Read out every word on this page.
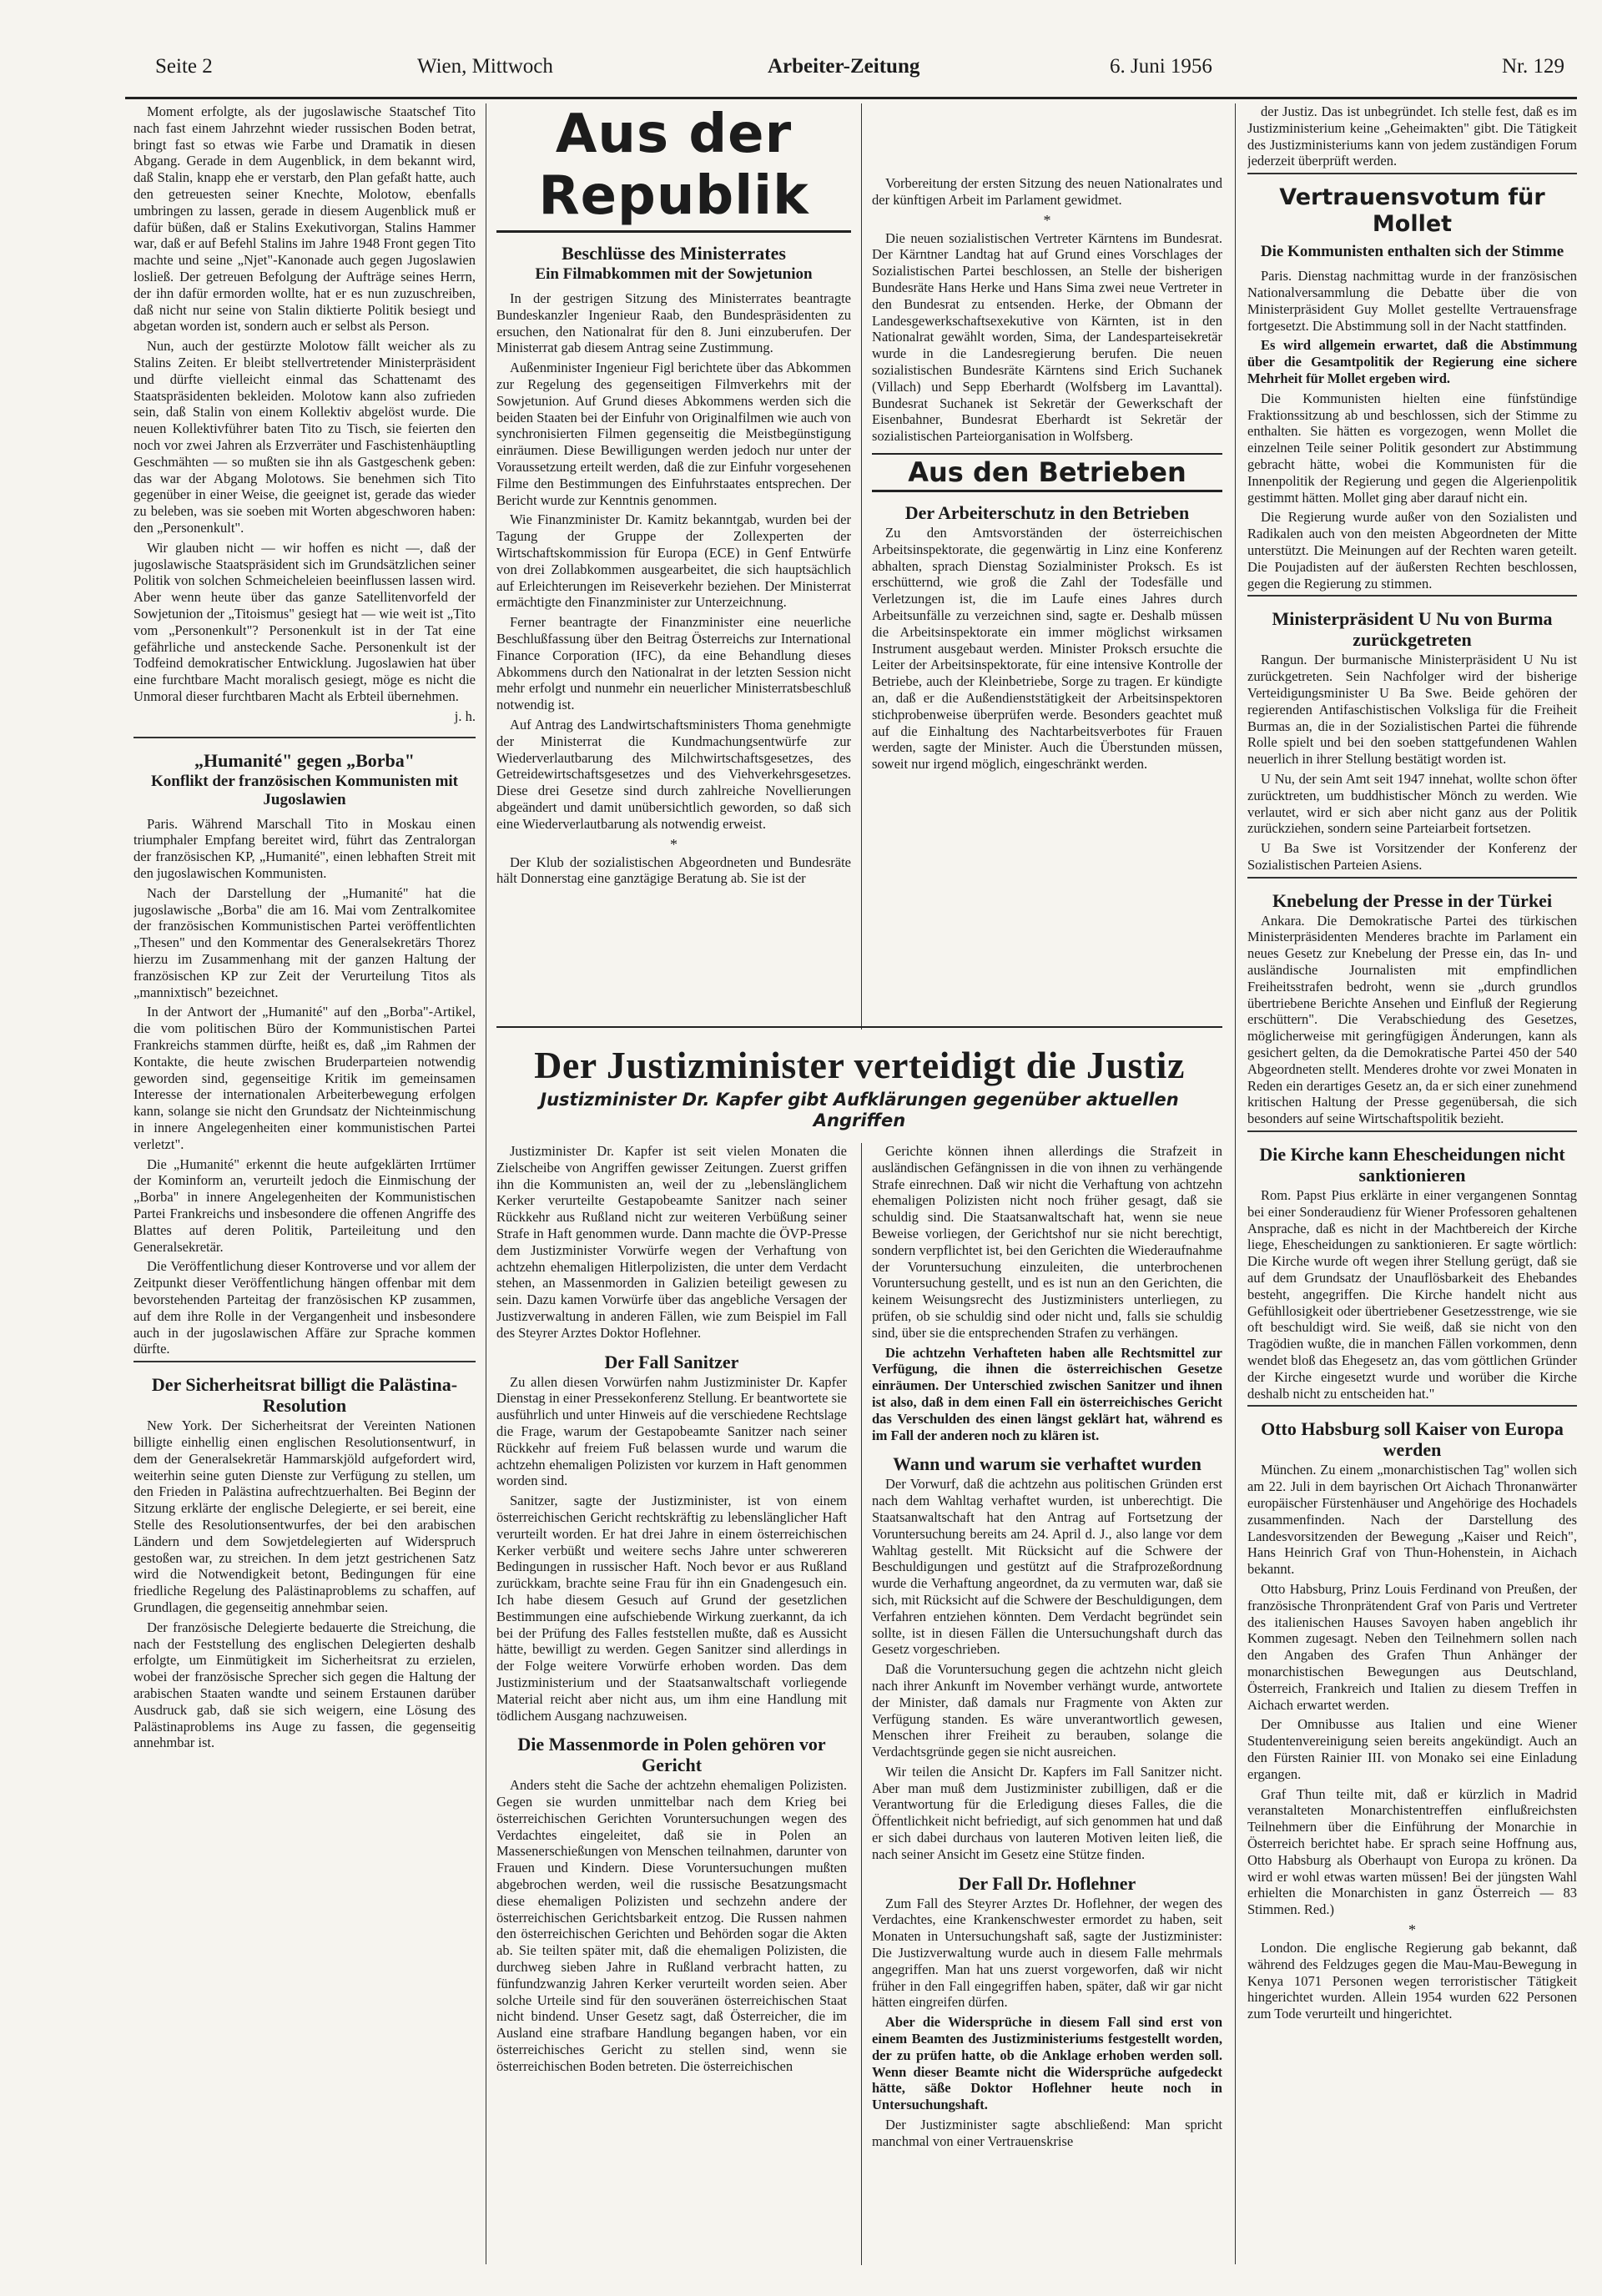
Seite 2	Wien, Mittwoch	Arbeiter-Zeitung	6. Juni 1956	Nr. 129

Moment erfolgte, als der jugoslawische Staatschef Tito nach fast einem Jahrzehnt wieder russischen Boden betrat, bringt fast so etwas wie Farbe und Dramatik in diesen Abgang. Gerade in dem Augenblick, in dem bekannt wird, daß Stalin, knapp ehe er verstarb, den Plan gefaßt hatte, auch den getreuesten seiner Knechte, Molotow, ebenfalls umbringen zu lassen, gerade in diesem Augenblick muß er dafür büßen, daß er Stalins Exekutivorgan, Stalins Hammer war, daß er auf Befehl Stalins im Jahre 1948 Front gegen Tito machte und seine „Njet"-Kanonade auch gegen Jugoslawien losließ. Der getreuen Befolgung der Aufträge seines Herrn, der ihn dafür ermorden wollte, hat er es nun zuzuschreiben, daß nicht nur seine von Stalin diktierte Politik besiegt und abgetan worden ist, sondern auch er selbst als Person.

Nun, auch der gestürzte Molotow fällt weicher als zu Stalins Zeiten. Er bleibt stellvertretender Ministerpräsident und dürfte vielleicht einmal das Schattenamt des Staatspräsidenten bekleiden. Molotow kann also zufrieden sein, daß Stalin von einem Kollektiv abgelöst wurde. Die neuen Kollektivführer baten Tito zu Tisch, sie feierten den noch vor zwei Jahren als Erzverräter und Faschistenhäuptling Geschmähten — so mußten sie ihn als Gastgeschenk geben: das war der Abgang Molotows. Sie benehmen sich Tito gegenüber in einer Weise, die geeignet ist, gerade das wieder zu beleben, was sie soeben mit Worten abgeschworen haben: den „Personenkult".

Wir glauben nicht — wir hoffen es nicht —, daß der jugoslawische Staatspräsident sich im Grundsätzlichen seiner Politik von solchen Schmeicheleien beeinflussen lassen wird. Aber wenn heute über das ganze Satellitenvorfeld der Sowjetunion der „Titoismus" gesiegt hat — wie weit ist „Tito vom „Personenkult"? Personenkult ist in der Tat eine gefährliche und ansteckende Sache. Personenkult ist der Todfeind demokratischer Entwicklung. Jugoslawien hat über eine furchtbare Macht moralisch gesiegt, möge es nicht die Unmoral dieser furchtbaren Macht als Erbteil übernehmen.

j. h.
„Humanité" gegen „Borba"
Konflikt der französischen Kommunisten mit Jugoslawien

Paris. Während Marschall Tito in Moskau einen triumphaler Empfang bereitet wird, führt das Zentralorgan der französischen KP, „Humanité", einen lebhaften Streit mit den jugoslawischen Kommunisten.

Nach der Darstellung der „Humanité" hat die jugoslawische „Borba" die am 16. Mai vom Zentralkomitee der französischen Kommunistischen Partei veröffentlichten „Thesen" und den Kommentar des Generalsekretärs Thorez hierzu im Zusammenhang mit der ganzen Haltung der französischen KP zur Zeit der Verurteilung Titos als „mannixtisch" bezeichnet.

In der Antwort der „Humanité" auf den „Borba"-Artikel, die vom politischen Büro der Kommunistischen Partei Frankreichs stammen dürfte, heißt es, daß „im Rahmen der Kontakte, die heute zwischen Bruderparteien notwendig geworden sind, gegenseitige Kritik im gemeinsamen Interesse der internationalen Arbeiterbewegung erfolgen kann, solange sie nicht den Grundsatz der Nichteinmischung in innere Angelegenheiten einer kommunistischen Partei verletzt".

Die „Humanité" erkennt die heute aufgeklärten Irrtümer der Kominform an, verurteilt jedoch die Einmischung der „Borba" in innere Angelegenheiten der Kommunistischen Partei Frankreichs und insbesondere die offenen Angriffe des Blattes auf deren Politik, Parteileitung und den Generalsekretär.

Die Veröffentlichung dieser Kontroverse und vor allem der Zeitpunkt dieser Veröffentlichung hängen offenbar mit dem bevorstehenden Parteitag der französischen KP zusammen, auf dem ihre Rolle in der Vergangenheit und insbesondere auch in der jugoslawischen Affäre zur Sprache kommen dürfte.

Der Sicherheitsrat billigt die Palästina-Resolution

New York. Der Sicherheitsrat der Vereinten Nationen billigte einhellig einen englischen Resolutionsentwurf, in dem der Generalsekretär Hammarskjöld aufgefordert wird, weiterhin seine guten Dienste zur Verfügung zu stellen, um den Frieden in Palästina aufrechtzuerhalten. Bei Beginn der Sitzung erklärte der englische Delegierte, er sei bereit, eine Stelle des Resolutionsentwurfes, der bei den arabischen Ländern und dem Sowjetdelegierten auf Widerspruch gestoßen war, zu streichen. In dem jetzt gestrichenen Satz wird die Notwendigkeit betont, Bedingungen für eine friedliche Regelung des Palästinaproblems zu schaffen, auf Grundlagen, die gegenseitig annehmbar seien.

Der französische Delegierte bedauerte die Streichung, die nach der Feststellung des englischen Delegierten deshalb erfolgte, um Einmütigkeit im Sicherheitsrat zu erzielen, wobei der französische Sprecher sich gegen die Haltung der arabischen Staaten wandte und seinem Erstaunen darüber Ausdruck gab, daß sie sich weigern, eine Lösung des Palästinaproblems ins Auge zu fassen, die gegenseitig annehmbar ist.

Aus der Republik
Beschlüsse des Ministerrates
Ein Filmabkommen mit der Sowjetunion

In der gestrigen Sitzung des Ministerrates beantragte Bundeskanzler Ingenieur Raab, den Bundespräsidenten zu ersuchen, den Nationalrat für den 8. Juni einzuberufen. Der Ministerrat gab diesem Antrag seine Zustimmung.

Außenminister Ingenieur Figl berichtete über das Abkommen zur Regelung des gegenseitigen Filmverkehrs mit der Sowjetunion. Auf Grund dieses Abkommens werden sich die beiden Staaten bei der Einfuhr von Originalfilmen wie auch von synchronisierten Filmen gegenseitig die Meistbegünstigung einräumen. Diese Bewilligungen werden jedoch nur unter der Voraussetzung erteilt werden, daß die zur Einfuhr vorgesehenen Filme den Bestimmungen des Einfuhrstaates entsprechen. Der Bericht wurde zur Kenntnis genommen.

Wie Finanzminister Dr. Kamitz bekanntgab, wurden bei der Tagung der Gruppe der Zollexperten der Wirtschaftskommission für Europa (ECE) in Genf Entwürfe von drei Zollabkommen ausgearbeitet, die sich hauptsächlich auf Erleichterungen im Reiseverkehr beziehen. Der Ministerrat ermächtigte den Finanzminister zur Unterzeichnung.

Ferner beantragte der Finanzminister eine neuerliche Beschlußfassung über den Beitrag Österreichs zur International Finance Corporation (IFC), da eine Behandlung dieses Abkommens durch den Nationalrat in der letzten Session nicht mehr erfolgt und nunmehr ein neuerlicher Ministerratsbeschluß notwendig ist.

Auf Antrag des Landwirtschaftsministers Thoma genehmigte der Ministerrat die Kundmachungsentwürfe zur Wiederverlautbarung des Milchwirtschaftsgesetzes, des Getreidewirtschaftsgesetzes und des Viehverkehrsgesetzes. Diese drei Gesetze sind durch zahlreiche Novellierungen abgeändert und damit unübersichtlich geworden, so daß sich eine Wiederverlautbarung als notwendig erweist.

*

Der Klub der sozialistischen Abgeordneten und Bundesräte hält Donnerstag eine ganztägige Beratung ab. Sie ist der

Vorbereitung der ersten Sitzung des neuen Nationalrates und der künftigen Arbeit im Parlament gewidmet.

*

Die neuen sozialistischen Vertreter Kärntens im Bundesrat. Der Kärntner Landtag hat auf Grund eines Vorschlages der Sozialistischen Partei beschlossen, an Stelle der bisherigen Bundesräte Hans Herke und Hans Sima zwei neue Vertreter in den Bundesrat zu entsenden. Herke, der Obmann der Landesgewerkschaftsexekutive von Kärnten, ist in den Nationalrat gewählt worden, Sima, der Landesparteisekretär wurde in die Landesregierung berufen. Die neuen sozialistischen Bundesräte Kärntens sind Erich Suchanek (Villach) und Sepp Eberhardt (Wolfsberg im Lavanttal). Bundesrat Suchanek ist Sekretär der Gewerkschaft der Eisenbahner, Bundesrat Eberhardt ist Sekretär der sozialistischen Parteiorganisation in Wolfsberg.

Aus den Betrieben
Der Arbeiterschutz in den Betrieben

Zu den Amtsvorständen der österreichischen Arbeitsinspektorate, die gegenwärtig in Linz eine Konferenz abhalten, sprach Dienstag Sozialminister Proksch. Es ist erschütternd, wie groß die Zahl der Todesfälle und Verletzungen ist, die im Laufe eines Jahres durch Arbeitsunfälle zu verzeichnen sind, sagte er. Deshalb müssen die Arbeitsinspektorate ein immer möglichst wirksamen Instrument ausgebaut werden. Minister Proksch ersuchte die Leiter der Arbeitsinspektorate, für eine intensive Kontrolle der Betriebe, auch der Kleinbetriebe, Sorge zu tragen. Er kündigte an, daß er die Außendienststätigkeit der Arbeitsinspektoren stichprobenweise überprüfen werde. Besonders geachtet muß auf die Einhaltung des Nachtarbeitsverbotes für Frauen werden, sagte der Minister. Auch die Überstunden müssen, soweit nur irgend möglich, eingeschränkt werden.

Der Justizminister verteidigt die Justiz
Justizminister Dr. Kapfer gibt Aufklärungen gegenüber aktuellen Angriffen

Justizminister Dr. Kapfer ist seit vielen Monaten die Zielscheibe von Angriffen gewisser Zeitungen. Zuerst griffen ihn die Kommunisten an, weil der zu „lebenslänglichem Kerker verurteilte Gestapobeamte Sanitzer nach seiner Rückkehr aus Rußland nicht zur weiteren Verbüßung seiner Strafe in Haft genommen wurde. Dann machte die ÖVP-Presse dem Justizminister Vorwürfe wegen der Verhaftung von achtzehn ehemaligen Hitlerpolizisten, die unter dem Verdacht stehen, an Massenmorden in Galizien beteiligt gewesen zu sein. Dazu kamen Vorwürfe über das angebliche Versagen der Justizverwaltung in anderen Fällen, wie zum Beispiel im Fall des Steyrer Arztes Doktor Hoflehner.

Der Fall Sanitzer

Zu allen diesen Vorwürfen nahm Justizminister Dr. Kapfer Dienstag in einer Pressekonferenz Stellung. Er beantwortete sie ausführlich und unter Hinweis auf die verschiedene Rechtslage die Frage, warum der Gestapobeamte Sanitzer nach seiner Rückkehr auf freiem Fuß belassen wurde und warum die achtzehn ehemaligen Polizisten vor kurzem in Haft genommen worden sind.

Sanitzer, sagte der Justizminister, ist von einem österreichischen Gericht rechtskräftig zu lebenslänglicher Haft verurteilt worden. Er hat drei Jahre in einem österreichischen Kerker verbüßt und weitere sechs Jahre unter schwereren Bedingungen in russischer Haft. Noch bevor er aus Rußland zurückkam, brachte seine Frau für ihn ein Gnadengesuch ein. Ich habe diesem Gesuch auf Grund der gesetzlichen Bestimmungen eine aufschiebende Wirkung zuerkannt, da ich bei der Prüfung des Falles feststellen mußte, daß es Aussicht hätte, bewilligt zu werden. Gegen Sanitzer sind allerdings in der Folge weitere Vorwürfe erhoben worden. Das dem Justizministerium und der Staatsanwaltschaft vorliegende Material reicht aber nicht aus, um ihm eine Handlung mit tödlichem Ausgang nachzuweisen.

Die Massenmorde in Polen gehören vor Gericht

Anders steht die Sache der achtzehn ehemaligen Polizisten. Gegen sie wurden unmittelbar nach dem Krieg bei österreichischen Gerichten Voruntersuchungen wegen des Verdachtes eingeleitet, daß sie in Polen an Massenerschießungen von Menschen teilnahmen, darunter von Frauen und Kindern. Diese Voruntersuchungen mußten abgebrochen werden, weil die russische Besatzungsmacht diese ehemaligen Polizisten und sechzehn andere der österreichischen Gerichtsbarkeit entzog. Die Russen nahmen den österreichischen Gerichten und Behörden sogar die Akten ab. Sie teilten später mit, daß die ehemaligen Polizisten, die durchweg sieben Jahre in Rußland verbracht hatten, zu fünfundzwanzig Jahren Kerker verurteilt worden seien. Aber solche Urteile sind für den souveränen österreichischen Staat nicht bindend. Unser Gesetz sagt, daß Österreicher, die im Ausland eine strafbare Handlung begangen haben, vor ein österreichisches Gericht zu stellen sind, wenn sie österreichischen Boden betreten. Die österreichischen

Gerichte können ihnen allerdings die Strafzeit in ausländischen Gefängnissen in die von ihnen zu verhängende Strafe einrechnen. Daß wir nicht die Verhaftung von achtzehn ehemaligen Polizisten nicht noch früher gesagt, daß sie schuldig sind. Die Staatsanwaltschaft hat, wenn sie neue Beweise vorliegen, der Gerichtshof nur sie nicht berechtigt, sondern verpflichtet ist, bei den Gerichten die Wiederaufnahme der Voruntersuchung einzuleiten, die unterbrochenen Voruntersuchung gestellt, und es ist nun an den Gerichten, die keinem Weisungsrecht des Justizministers unterliegen, zu prüfen, ob sie schuldig sind oder nicht und, falls sie schuldig sind, über sie die entsprechenden Strafen zu verhängen.

Die achtzehn Verhafteten haben alle Rechtsmittel zur Verfügung, die ihnen die österreichischen Gesetze einräumen. Der Unterschied zwischen Sanitzer und ihnen ist also, daß in dem einen Fall ein österreichisches Gericht das Verschulden des einen längst geklärt hat, während es im Fall der anderen noch zu klären ist.

Wann und warum sie verhaftet wurden

Der Vorwurf, daß die achtzehn aus politischen Gründen erst nach dem Wahltag verhaftet wurden, ist unberechtigt. Die Staatsanwaltschaft hat den Antrag auf Fortsetzung der Voruntersuchung bereits am 24. April d. J., also lange vor dem Wahltag gestellt. Mit Rücksicht auf die Schwere der Beschuldigungen und gestützt auf die Strafprozeßordnung wurde die Verhaftung angeordnet, da zu vermuten war, daß sie sich, mit Rücksicht auf die Schwere der Beschuldigungen, dem Verfahren entziehen könnten. Dem Verdacht begründet sein sollte, ist in diesen Fällen die Untersuchungshaft durch das Gesetz vorgeschrieben.

Daß die Voruntersuchung gegen die achtzehn nicht gleich nach ihrer Ankunft im November verhängt wurde, antwortete der Minister, daß damals nur Fragmente von Akten zur Verfügung standen. Es wäre unverantwortlich gewesen, Menschen ihrer Freiheit zu berauben, solange die Verdachtsgründe gegen sie nicht ausreichen.

Wir teilen die Ansicht Dr. Kapfers im Fall Sanitzer nicht. Aber man muß dem Justizminister zubilligen, daß er die Verantwortung für die Erledigung dieses Falles, die die Öffentlichkeit nicht befriedigt, auf sich genommen hat und daß er sich dabei durchaus von lauteren Motiven leiten ließ, die nach seiner Ansicht im Gesetz eine Stütze finden.

Der Fall Dr. Hoflehner

Zum Fall des Steyrer Arztes Dr. Hoflehner, der wegen des Verdachtes, eine Krankenschwester ermordet zu haben, seit Monaten in Untersuchungshaft saß, sagte der Justizminister: Die Justizverwaltung wurde auch in diesem Falle mehrmals angegriffen. Man hat uns zuerst vorgeworfen, daß wir nicht früher in den Fall eingegriffen haben, später, daß wir gar nicht hätten eingreifen dürfen.

Aber die Widersprüche in diesem Fall sind erst von einem Beamten des Justizministeriums festgestellt worden, der zu prüfen hatte, ob die Anklage erhoben werden soll. Wenn dieser Beamte nicht die Widersprüche aufgedeckt hätte, säße Doktor Hoflehner heute noch in Untersuchungshaft.

Der Justizminister sagte abschließend: Man spricht manchmal von einer Vertrauenskrise

der Justiz. Das ist unbegründet. Ich stelle fest, daß es im Justizministerium keine „Geheimakten" gibt. Die Tätigkeit des Justizministeriums kann von jedem zuständigen Forum jederzeit überprüft werden.

Vertrauensvotum für Mollet
Die Kommunisten enthalten sich der Stimme

Paris. Dienstag nachmittag wurde in der französischen Nationalversammlung die Debatte über die von Ministerpräsident Guy Mollet gestellte Vertrauensfrage fortgesetzt. Die Abstimmung soll in der Nacht stattfinden.

Es wird allgemein erwartet, daß die Abstimmung über die Gesamtpolitik der Regierung eine sichere Mehrheit für Mollet ergeben wird.

Die Kommunisten hielten eine fünfstündige Fraktionssitzung ab und beschlossen, sich der Stimme zu enthalten. Sie hätten es vorgezogen, wenn Mollet die einzelnen Teile seiner Politik gesondert zur Abstimmung gebracht hätte, wobei die Kommunisten für die Innenpolitik der Regierung und gegen die Algerienpolitik gestimmt hätten. Mollet ging aber darauf nicht ein.

Die Regierung wurde außer von den Sozialisten und Radikalen auch von den meisten Abgeordneten der Mitte unterstützt. Die Meinungen auf der Rechten waren geteilt. Die Poujadisten auf der äußersten Rechten beschlossen, gegen die Regierung zu stimmen.

Ministerpräsident U Nu von Burma zurückgetreten

Rangun. Der burmanische Ministerpräsident U Nu ist zurückgetreten. Sein Nachfolger wird der bisherige Verteidigungsminister U Ba Swe. Beide gehören der regierenden Antifaschistischen Volksliga für die Freiheit Burmas an, die in der Sozialistischen Partei die führende Rolle spielt und bei den soeben stattgefundenen Wahlen neuerlich in ihrer Stellung bestätigt worden ist.

U Nu, der sein Amt seit 1947 innehat, wollte schon öfter zurücktreten, um buddhistischer Mönch zu werden. Wie verlautet, wird er sich aber nicht ganz aus der Politik zurückziehen, sondern seine Parteiarbeit fortsetzen.

U Ba Swe ist Vorsitzender der Konferenz der Sozialistischen Parteien Asiens.

Knebelung der Presse in der Türkei

Ankara. Die Demokratische Partei des türkischen Ministerpräsidenten Menderes brachte im Parlament ein neues Gesetz zur Knebelung der Presse ein, das In- und ausländische Journalisten mit empfindlichen Freiheitsstrafen bedroht, wenn sie „durch grundlos übertriebene Berichte Ansehen und Einfluß der Regierung erschüttern". Die Verabschiedung des Gesetzes, möglicherweise mit geringfügigen Änderungen, kann als gesichert gelten, da die Demokratische Partei 450 der 540 Abgeordneten stellt. Menderes drohte vor zwei Monaten in Reden ein derartiges Gesetz an, da er sich einer zunehmend kritischen Haltung der Presse gegenübersah, die sich besonders auf seine Wirtschaftspolitik bezieht.

Die Kirche kann Ehescheidungen nicht sanktionieren

Rom. Papst Pius erklärte in einer vergangenen Sonntag bei einer Sonderaudienz für Wiener Professoren gehaltenen Ansprache, daß es nicht in der Machtbereich der Kirche liege, Ehescheidungen zu sanktionieren. Er sagte wörtlich: Die Kirche wurde oft wegen ihrer Stellung gerügt, daß sie auf dem Grundsatz der Unauflösbarkeit des Ehebandes besteht, angegriffen. Die Kirche handelt nicht aus Gefühllosigkeit oder übertriebener Gesetzesstrenge, wie sie oft beschuldigt wird. Sie weiß, daß sie nicht von den Tragödien wußte, die in manchen Fällen vorkommen, denn wendet bloß das Ehegesetz an, das vom göttlichen Gründer der Kirche eingesetzt wurde und worüber die Kirche deshalb nicht zu entscheiden hat."

Otto Habsburg soll Kaiser von Europa werden

München. Zu einem „monarchistischen Tag" wollen sich am 22. Juli in dem bayrischen Ort Aichach Thronanwärter europäischer Fürstenhäuser und Angehörige des Hochadels zusammenfinden. Nach der Darstellung des Landesvorsitzenden der Bewegung „Kaiser und Reich", Hans Heinrich Graf von Thun-Hohenstein, in Aichach bekannt.

Otto Habsburg, Prinz Louis Ferdinand von Preußen, der französische Thronprätendent Graf von Paris und Vertreter des italienischen Hauses Savoyen haben angeblich ihr Kommen zugesagt. Neben den Teilnehmern sollen nach den Angaben des Grafen Thun Anhänger der monarchistischen Bewegungen aus Deutschland, Österreich, Frankreich und Italien zu diesem Treffen in Aichach erwartet werden.

Der Omnibusse aus Italien und eine Wiener Studentenvereinigung seien bereits angekündigt. Auch an den Fürsten Rainier III. von Monako sei eine Einladung ergangen.

Graf Thun teilte mit, daß er kürzlich in Madrid veranstalteten Monarchistentreffen einflußreichsten Teilnehmern über die Einführung der Monarchie in Österreich berichtet habe. Er sprach seine Hoffnung aus, Otto Habsburg als Oberhaupt von Europa zu krönen. Da wird er wohl etwas warten müssen! Bei der jüngsten Wahl erhielten die Monarchisten in ganz Österreich — 83 Stimmen. Red.)

*

London. Die englische Regierung gab bekannt, daß während des Feldzuges gegen die Mau-Mau-Bewegung in Kenya 1071 Personen wegen terroristischer Tätigkeit hingerichtet wurden. Allein 1954 wurden 622 Personen zum Tode verurteilt und hingerichtet.
